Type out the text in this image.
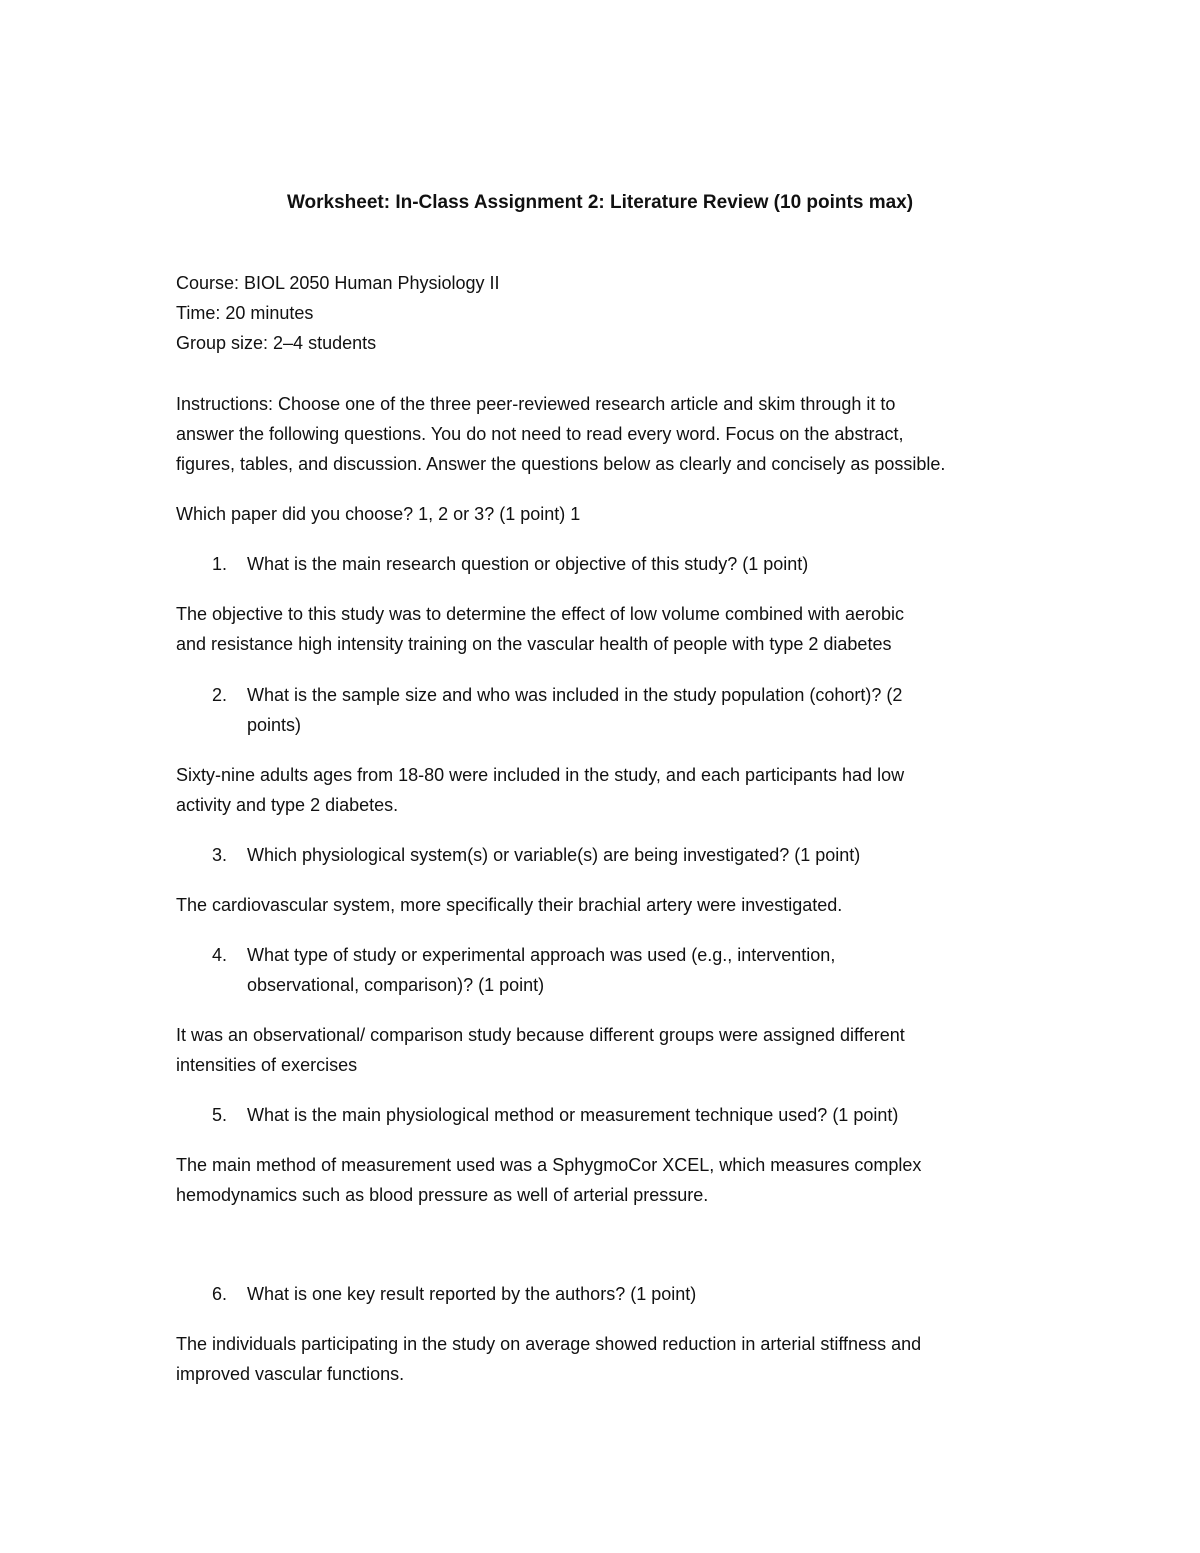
Worksheet: In-Class Assignment 2: Literature Review (10 points max)
Course: BIOL 2050 Human Physiology II
Time: 20 minutes
Group size: 2–4 students
Instructions: Choose one of the three peer-reviewed research article and skim through it to
answer the following questions. You do not need to read every word. Focus on the abstract,
figures, tables, and discussion. Answer the questions below as clearly and concisely as possible.
Which paper did you choose? 1, 2 or 3? (1 point) 1
1. What is the main research question or objective of this study? (1 point)
The objective to this study was to determine the effect of low volume combined with aerobic
and resistance high intensity training on the vascular health of people with type 2 diabetes
2. What is the sample size and who was included in the study population (cohort)? (2
points)
Sixty-nine adults ages from 18-80 were included in the study, and each participants had low
activity and type 2 diabetes.
3. Which physiological system(s) or variable(s) are being investigated? (1 point)
The cardiovascular system, more specifically their brachial artery were investigated.
4. What type of study or experimental approach was used (e.g., intervention,
observational, comparison)? (1 point)
It was an observational/ comparison study because different groups were assigned different
intensities of exercises
5. What is the main physiological method or measurement technique used? (1 point)
The main method of measurement used was a SphygmoCor XCEL, which measures complex
hemodynamics such as blood pressure as well of arterial pressure.
6. What is one key result reported by the authors? (1 point)
The individuals participating in the study on average showed reduction in arterial stiffness and
improved vascular functions.
